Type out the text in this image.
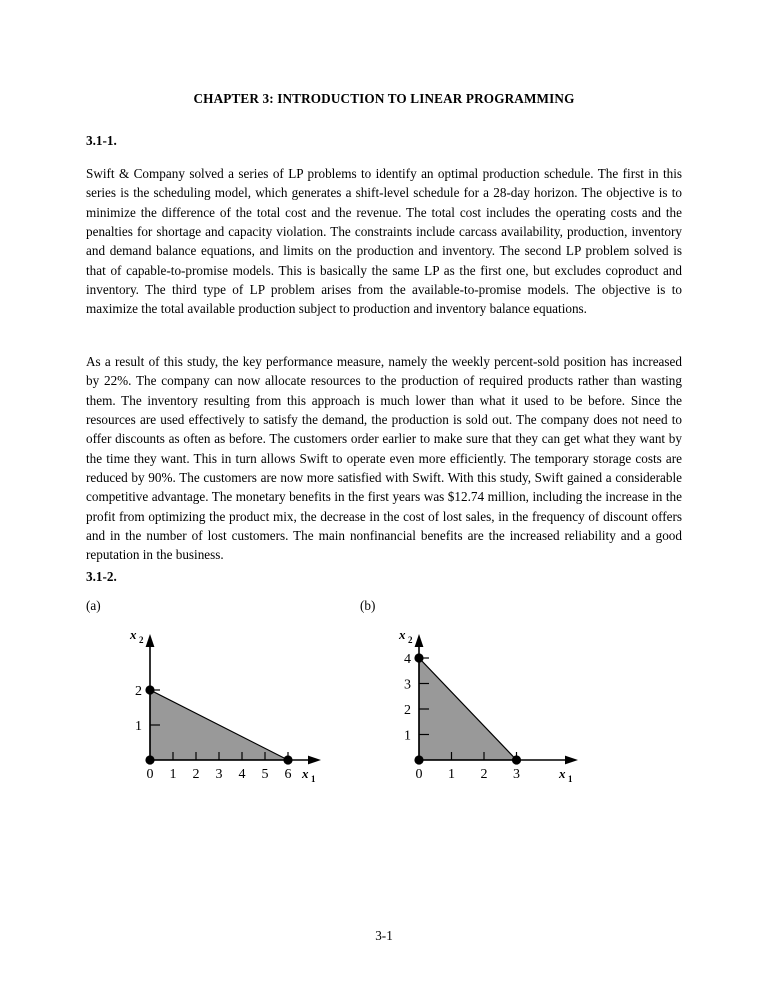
CHAPTER 3: INTRODUCTION TO LINEAR PROGRAMMING
3.1-1.

Swift & Company solved a series of LP problems to identify an optimal production schedule. The first in this series is the scheduling model, which generates a shift-level schedule for a 28-day horizon. The objective is to minimize the difference of the total cost and the revenue. The total cost includes the operating costs and the penalties for shortage and capacity violation. The constraints include carcass availability, production, inventory and demand balance equations, and limits on the production and inventory. The second LP problem solved is that of capable-to-promise models. This is basically the same LP as the first one, but excludes coproduct and inventory. The third type of LP problem arises from the available-to-promise models. The objective is to maximize the total available production subject to production and inventory balance equations.

As a result of this study, the key performance measure, namely the weekly percent-sold position has increased by 22%. The company can now allocate resources to the production of required products rather than wasting them. The inventory resulting from this approach is much lower than what it used to be before. Since the resources are used effectively to satisfy the demand, the production is sold out. The company does not need to offer discounts as often as before. The customers order earlier to make sure that they can get what they want by the time they want. This in turn allows Swift to operate even more efficiently. The temporary storage costs are reduced by 90%. The customers are now more satisfied with Swift. With this study, Swift gained a considerable competitive advantage. The monetary benefits in the first years was $12.74 million, including the increase in the profit from optimizing the product mix, the decrease in the cost of lost sales, in the frequency of discount offers and in the number of lost customers. The main nonfinancial benefits are the increased reliability and a good reputation in the business.

3.1-2.
(a)	(b)
0 1 2 3 4 5 6
1
2
x 1
x 2
0 1 2 3
1
2
3
4
x 1
x 2
3-1
